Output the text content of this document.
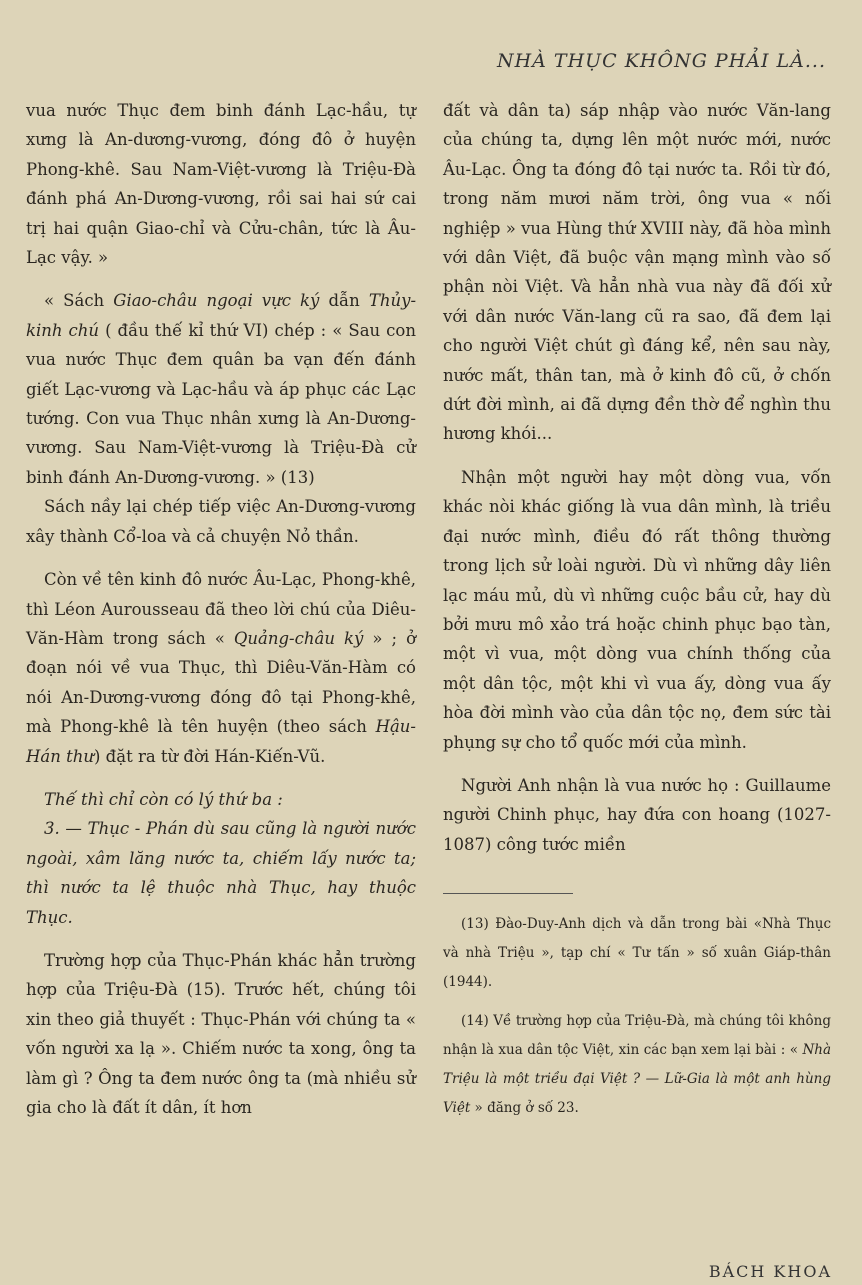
NHÀ THỤC KHÔNG PHẢI LÀ...

vua nước Thục đem binh đánh Lạc-hầu, tự xưng là An-dương-vương, đóng đô ở huyện Phong-khê. Sau Nam-Việt-vương là Triệu-Đà đánh phá An-Dương-vương, rồi sai hai sứ cai trị hai quận Giao-chỉ và Cửu-chân, tức là Âu-Lạc vậy. »

« Sách Giao-châu ngoại vực ký dẫn Thủy-kinh chú ( đầu thế kỉ thứ VI) chép : « Sau con vua nước Thục đem quân ba vạn đến đánh giết Lạc-vương và Lạc-hầu và áp phục các Lạc tướng. Con vua Thục nhân xưng là An-Dương-vương. Sau Nam-Việt-vương là Triệu-Đà cử binh đánh An-Dương-vương. » (13)

Sách nầy lại chép tiếp việc An-Dương-vương xây thành Cổ-loa và cả chuyện Nỏ thần.

Còn về tên kinh đô nước Âu-Lạc, Phong-khê, thì Léon Aurousseau đã theo lời chú của Diêu-Văn-Hàm trong sách « Quảng-châu ký » ; ở đoạn nói về vua Thục, thì Diêu-Văn-Hàm có nói An-Dương-vương đóng đô tại Phong-khê, mà Phong-khê là tên huyện (theo sách Hậu-Hán thư) đặt ra từ đời Hán-Kiến-Vũ.

Thế thì chỉ còn có lý thứ ba :

3. — Thục - Phán dù sau cũng là người nước ngoài, xâm lăng nước ta, chiếm lấy nước ta; thì nước ta lệ thuộc nhà Thục, hay thuộc Thục.

Trường hợp của Thục-Phán khác hẳn trường hợp của Triệu-Đà (15). Trước hết, chúng tôi xin theo giả thuyết : Thục-Phán với chúng ta « vốn người xa lạ ». Chiếm nước ta xong, ông ta làm gì ? Ông ta đem nước ông ta (mà nhiều sử gia cho là đất ít dân, ít hơn

đất và dân ta) sáp nhập vào nước Văn-lang của chúng ta, dựng lên một nước mới, nước Âu-Lạc. Ông ta đóng đô tại nước ta. Rồi từ đó, trong năm mươi năm trời, ông vua « nối nghiệp » vua Hùng thứ XVIII này, đã hòa mình với dân Việt, đã buộc vận mạng mình vào số phận nòi Việt. Và hẳn nhà vua này đã đối xử với dân nước Văn-lang cũ ra sao, đã đem lại cho người Việt chút gì đáng kể, nên sau này, nước mất, thân tan, mà ở kinh đô cũ, ở chốn dứt đời mình, ai đã dựng đền thờ để nghìn thu hương khói...

Nhận một người hay một dòng vua, vốn khác nòi khác giống là vua dân mình, là triều đại nước mình, điều đó rất thông thường trong lịch sử loài người. Dù vì những dây liên lạc máu mủ, dù vì những cuộc bầu cử, hay dù bởi mưu mô xảo trá hoặc chinh phục bạo tàn, một vì vua, một dòng vua chính thống của một dân tộc, một khi vì vua ấy, dòng vua ấy hòa đời mình vào của dân tộc nọ, đem sức tài phụng sự cho tổ quốc mới của mình.

Người Anh nhận là vua nước họ : Guillaume người Chinh phục, hay đứa con hoang (1027-1087) công tước miền

(13) Đào-Duy-Anh dịch và dẫn trong bài «Nhà Thục và nhà Triệu », tạp chí « Tư tấn » số xuân Giáp-thân (1944).

(14) Về trường hợp của Triệu-Đà, mà chúng tôi không nhận là xua dân tộc Việt, xin các bạn xem lại bài : « Nhà Triệu là một triều đại Việt ? — Lữ-Gia là một anh hùng Việt » đăng ở số 23.

BÁCH KHOA
